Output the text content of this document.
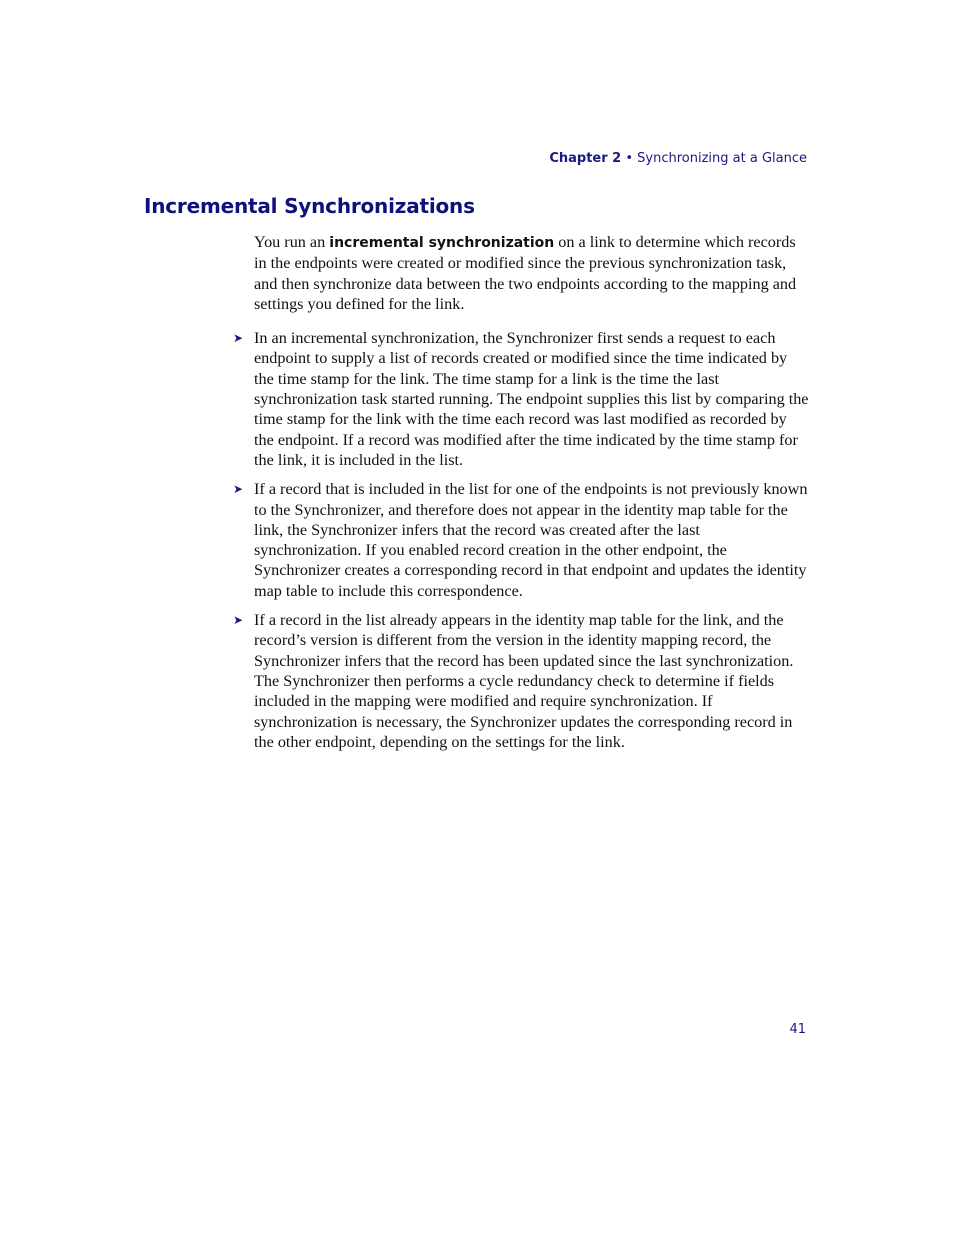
Chapter 2 • Synchronizing at a Glance
Incremental Synchronizations

You run an incremental synchronization on a link to determine which records in the endpoints were created or modified since the previous synchronization task, and then synchronize data between the two endpoints according to the mapping and settings you defined for the link.

➤ In an incremental synchronization, the Synchronizer first sends a request to each endpoint to supply a list of records created or modified since the time indicated by the time stamp for the link. The time stamp for a link is the time the last synchronization task started running. The endpoint supplies this list by comparing the time stamp for the link with the time each record was last modified as recorded by the endpoint. If a record was modified after the time indicated by the time stamp for the link, it is included in the list.
➤ If a record that is included in the list for one of the endpoints is not previously known to the Synchronizer, and therefore does not appear in the identity map table for the link, the Synchronizer infers that the record was created after the last synchronization. If you enabled record creation in the other endpoint, the Synchronizer creates a corresponding record in that endpoint and updates the identity map table to include this correspondence.
➤ If a record in the list already appears in the identity map table for the link, and the record’s version is different from the version in the identity mapping record, the Synchronizer infers that the record has been updated since the last synchronization. The Synchronizer then performs a cycle redundancy check to determine if fields included in the mapping were modified and require synchronization. If synchronization is necessary, the Synchronizer updates the corresponding record in the other endpoint, depending on the settings for the link.
41
